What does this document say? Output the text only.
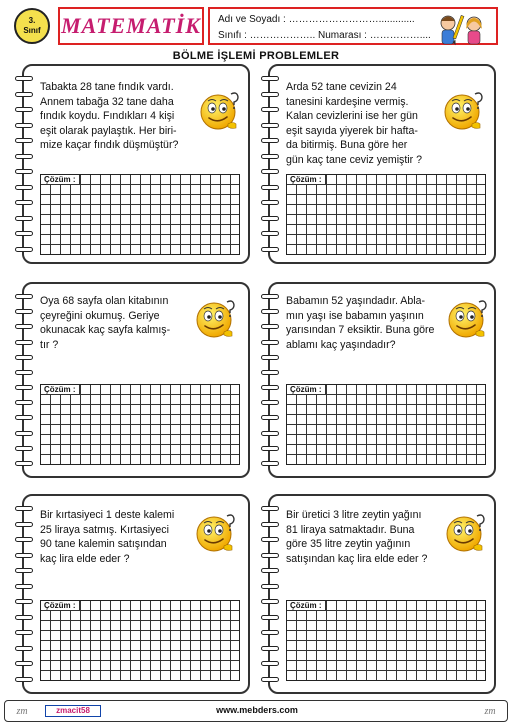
3.
Sınıf MATEMATİK Adı ve Soyadı : ……………………….............
Sınıfı : ……………….. Numarası : ……………....
BÖLME İŞLEMİ PROBLEMLER
Tabakta 28 tane fındık vardı.
Annem tabağa 32 tane daha
fındık koydu. Fındıkları 4 kişi
eşit olarak paylaştık. Her biri-
mize kaçar fındık düşmüştür?
Çözüm :
Arda 52 tane cevizin 24
tanesini kardeşine vermiş.
Kalan cevizlerini ise her gün
eşit sayıda yiyerek bir hafta-
da bitirmiş. Buna göre her
gün kaç tane ceviz yemiştir ?
Çözüm :
Oya 68 sayfa olan kitabının
çeyreğini okumuş. Geriye
okunacak kaç sayfa kalmış-
tır ?
Çözüm :
Babamın 52 yaşındadır. Abla-
mın yaşı ise babamın yaşının
yarısından 7 eksiktir. Buna göre
ablamı kaç yaşındadır?
Çözüm :
Bir kırtasiyeci 1 deste kalemi
25 liraya satmış. Kırtasiyeci
90 tane kalemin satışından
kaç lira elde eder ?
Çözüm :
Bir üretici 3 litre zeytin yağını
81 liraya satmaktadır. Buna
göre 35 litre zeytin yağının
satışından kaç lira elde eder ?
Çözüm :
zm	zmacit58	www.mebders.com	zm
